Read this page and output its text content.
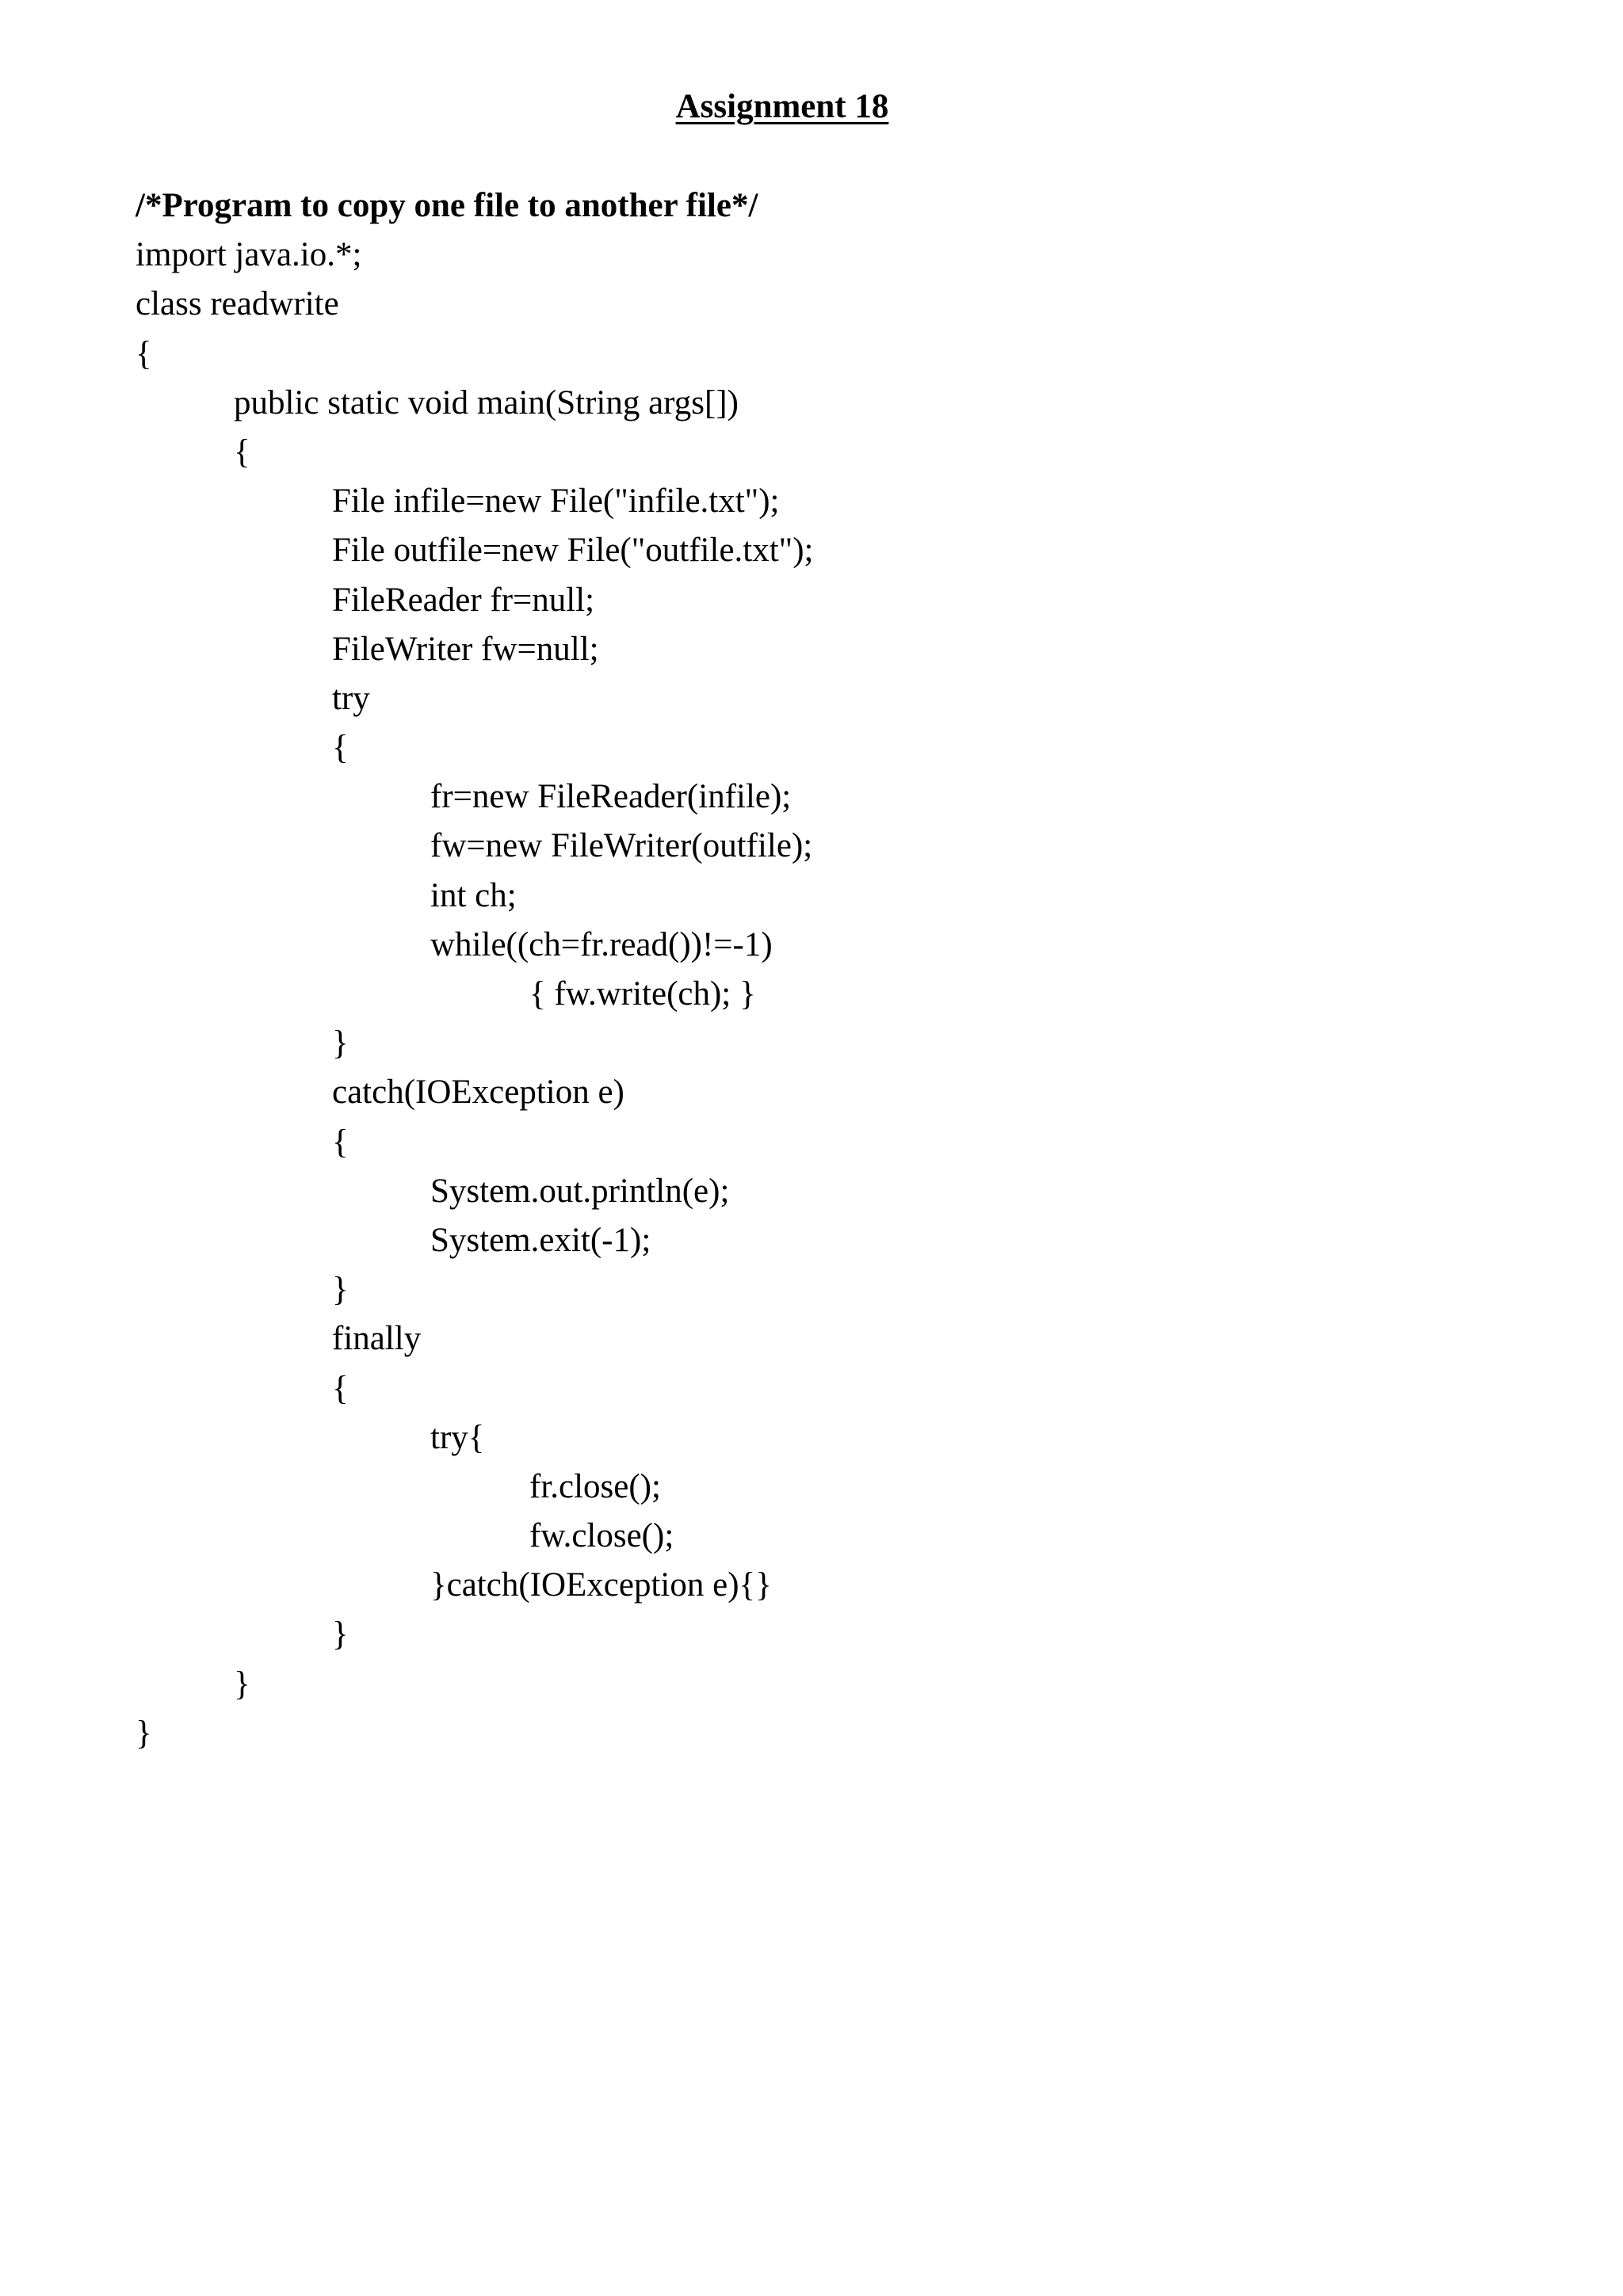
Assignment 18
/*Program to copy one file to another file*/
import java.io.*;
class readwrite
{
public static void main(String args[])
{
File infile=new File("infile.txt");
File outfile=new File("outfile.txt");
FileReader fr=null;
FileWriter fw=null;
try
{
fr=new FileReader(infile);
fw=new FileWriter(outfile);
int ch;
while((ch=fr.read())!=-1)
{ fw.write(ch); }
}
catch(IOException e)
{
System.out.println(e);
System.exit(-1);
}
finally
{
try{
fr.close();
fw.close();
}catch(IOException e){}
}
}
}
